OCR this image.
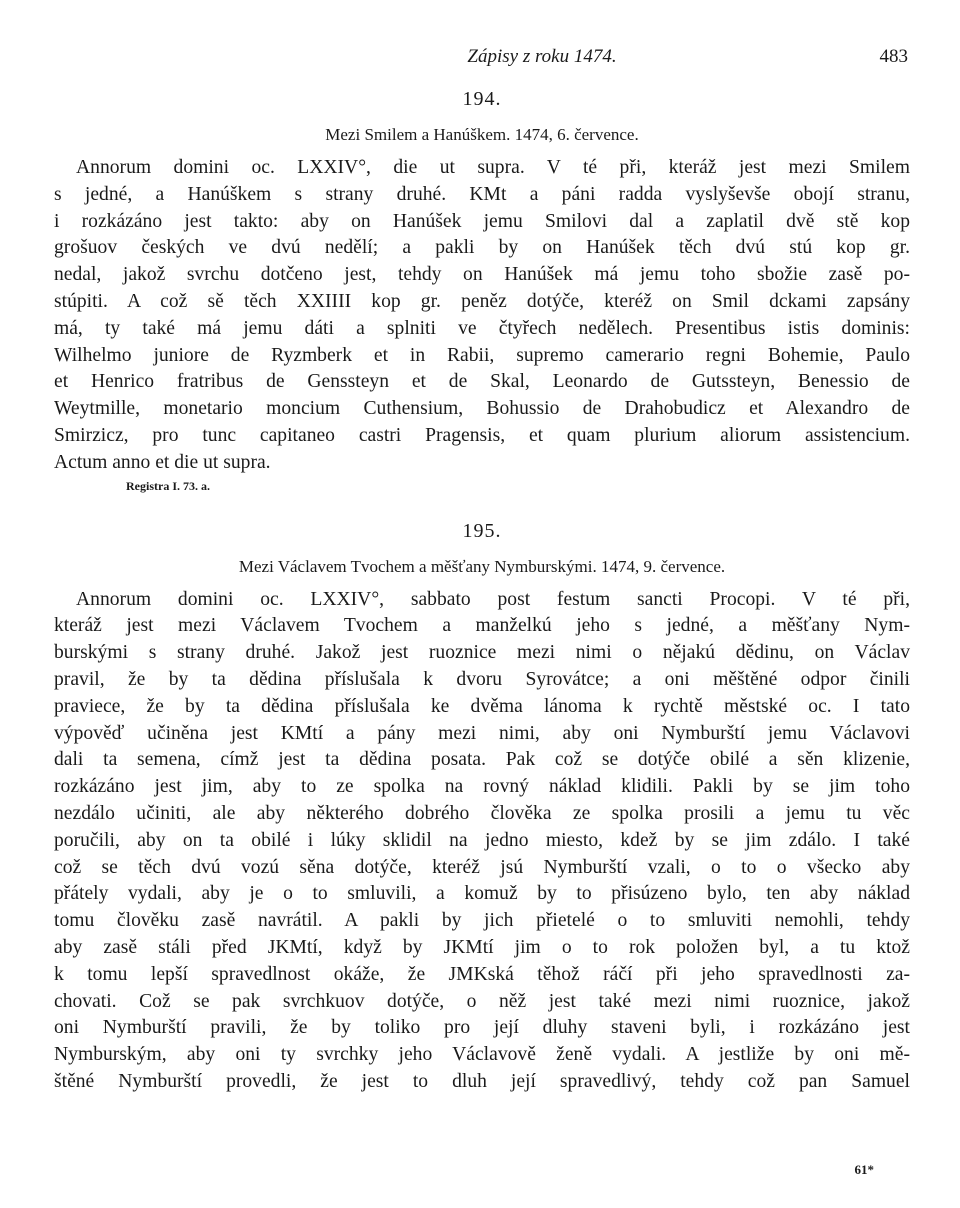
Zápisy z roku 1474.	483
194.
Mezi Smilem a Hanúškem. 1474, 6. července.
Annorum domini oc. LXXIV°, die ut supra. V té při, kteráž jest mezi Smilem
s jedné, a Hanúškem s strany druhé. KMt a páni radda vyslyševše obojí stranu,
i rozkázáno jest takto: aby on Hanúšek jemu Smilovi dal a zaplatil dvě stě kop
grošuov českých ve dvú nedělí; a pakli by on Hanúšek těch dvú stú kop gr.
nedal, jakož svrchu dotčeno jest, tehdy on Hanúšek má jemu toho sbožie zasě po-
stúpiti. A což sě těch XXIIII kop gr. peněz dotýče, kteréž on Smil dckami zapsány
má, ty také má jemu dáti a splniti ve čtyřech nedělech. Presentibus istis dominis:
Wilhelmo juniore de Ryzmberk et in Rabii, supremo camerario regni Bohemie, Paulo
et Henrico fratribus de Genssteyn et de Skal, Leonardo de Gutssteyn, Benessio de
Weytmille, monetario moncium Cuthensium, Bohussio de Drahobudicz et Alexandro de
Smirzicz, pro tunc capitaneo castri Pragensis, et quam plurium aliorum assistencium.
Actum anno et die ut supra.
Registra I. 73. a.
195.
Mezi Václavem Tvochem a měšťany Nymburskými. 1474, 9. července.
Annorum domini oc. LXXIV°, sabbato post festum sancti Procopi. V té při,
kteráž jest mezi Václavem Tvochem a manželkú jeho s jedné, a měšťany Nym-
burskými s strany druhé. Jakož jest ruoznice mezi nimi o nějakú dědinu, on Václav
pravil, že by ta dědina příslušala k dvoru Syrovátce; a oni měštěné odpor činili
praviece, že by ta dědina příslušala ke dvěma lánoma k rychtě městské oc. I tato
výpověď učiněna jest KMtí a pány mezi nimi, aby oni Nymburští jemu Václavovi
dali ta semena, címž jest ta dědina posata. Pak což se dotýče obilé a sěn klizenie,
rozkázáno jest jim, aby to ze spolka na rovný náklad klidili. Pakli by se jim toho
nezdálo učiniti, ale aby některého dobrého člověka ze spolka prosili a jemu tu věc
poručili, aby on ta obilé i lúky sklidil na jedno miesto, kdež by se jim zdálo. I také
což se těch dvú vozú sěna dotýče, kteréž jsú Nymburští vzali, o to o všecko aby
přátely vydali, aby je o to smluvili, a komuž by to přisúzeno bylo, ten aby náklad
tomu člověku zasě navrátil. A pakli by jich přietelé o to smluviti nemohli, tehdy
aby zasě stáli před JKMtí, když by JKMtí jim o to rok položen byl, a tu ktož
k tomu lepší spravedlnost okáže, že JMKská těhož ráčí při jeho spravedlnosti za-
chovati. Což se pak svrchkuov dotýče, o něž jest také mezi nimi ruoznice, jakož
oni Nymburští pravili, že by toliko pro její dluhy staveni byli, i rozkázáno jest
Nymburským, aby oni ty svrchky jeho Václavově ženě vydali. A jestliže by oni mě-
štěné Nymburští provedli, že jest to dluh její spravedlivý, tehdy což pan Samuel
61*
